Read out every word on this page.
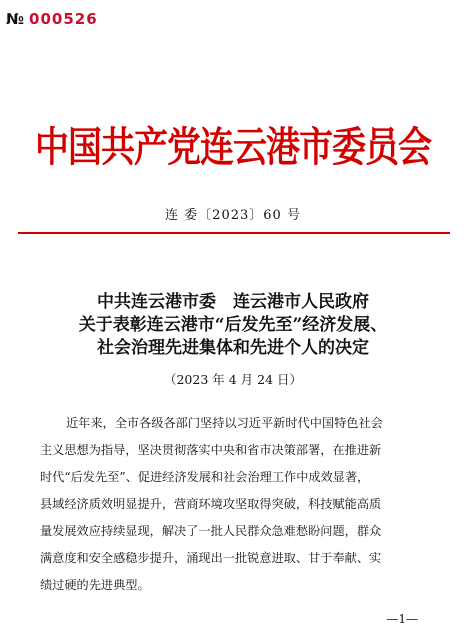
№ 000526
中国共产党连云港市委员会
连 委〔2023〕60 号
中共连云港市委　连云港市人民政府
关于表彰连云港市“后发先至”经济发展、
社会治理先进集体和先进个人的决定
（2023 年 4 月 24 日）
近年来，全市各级各部门坚持以习近平新时代中国特色社会
主义思想为指导，坚决贯彻落实中央和省市决策部署，在推进新
时代“后发先至”、促进经济发展和社会治理工作中成效显著，
县域经济质效明显提升，营商环境攻坚取得突破，科技赋能高质
量发展效应持续显现，解决了一批人民群众急难愁盼问题，群众
满意度和安全感稳步提升，涌现出一批锐意进取、甘于奉献、实
绩过硬的先进典型。
—1—
